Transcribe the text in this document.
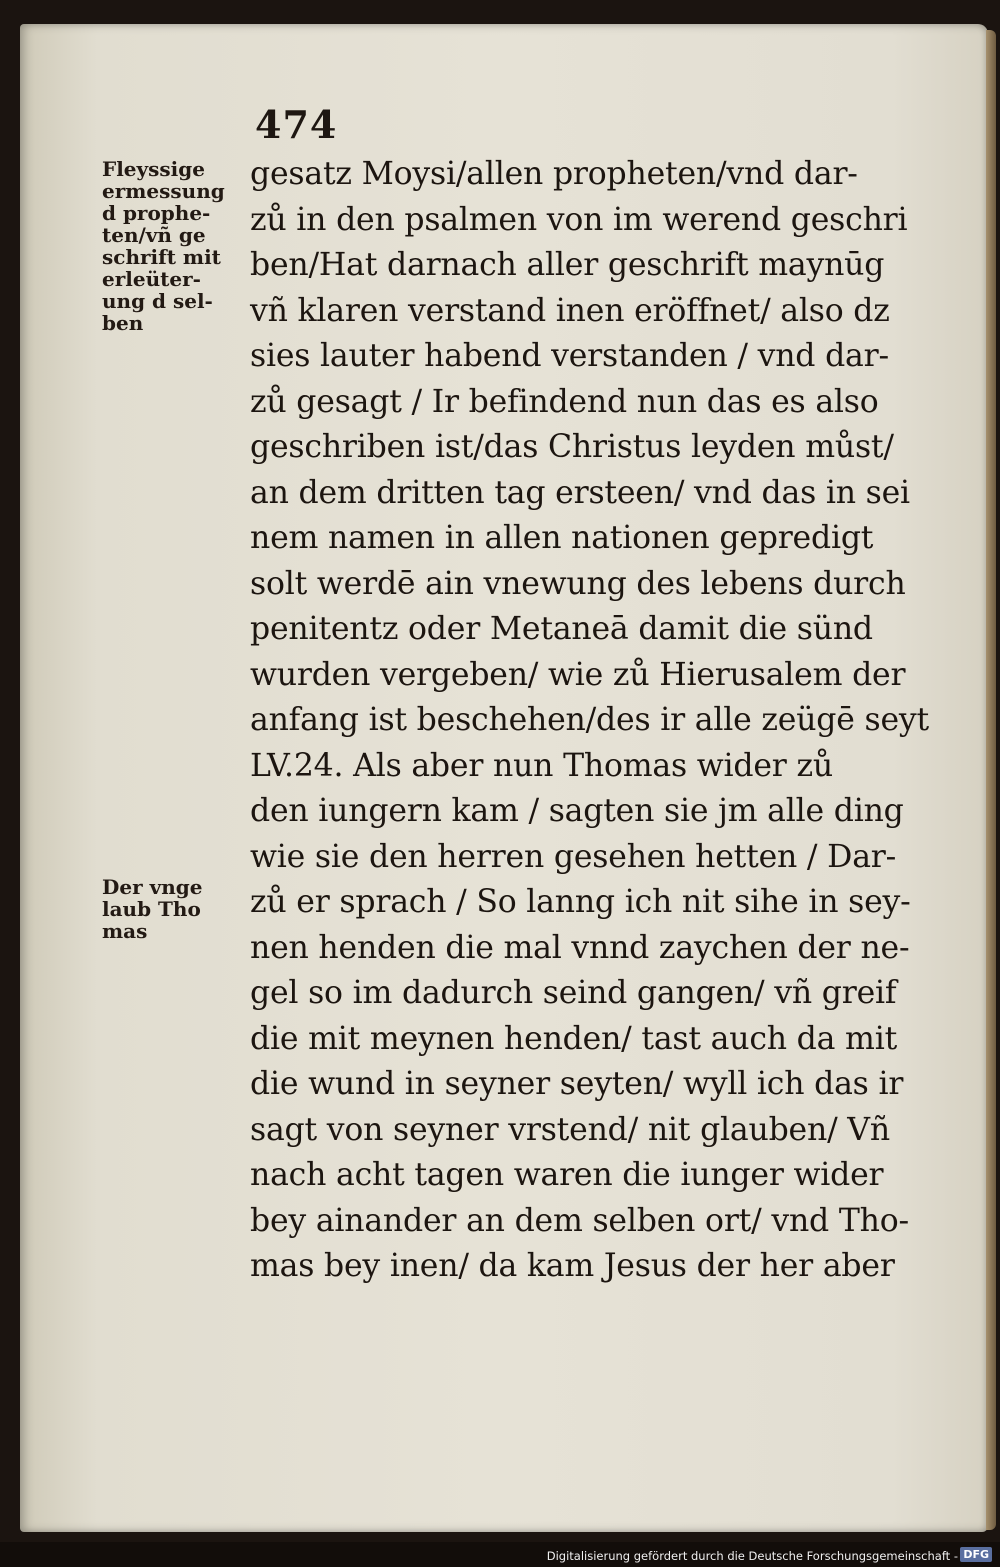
474
Fleyssige
ermessung
d prophe-
ten/vñ ge
schrift mit
erleüter-
ung d sel-
ben
Der vnge
laub Tho
mas
gesatz Moysi/allen propheten/vnd dar-
zů in den psalmen von im werend geschri
ben/Hat darnach aller geschrift maynūg
vñ klaren verstand inen eröffnet/ also dz
sies lauter habend verstanden / vnd dar-
zů gesagt / Ir befindend nun das es also
geschriben ist/das Christus leyden můst/
an dem dritten tag ersteen/ vnd das in sei
nem namen in allen nationen gepredigt
solt werdē ain vnewung des lebens durch
penitentz oder Metaneā damit die sünd
wurden vergeben/ wie zů Hierusalem der
anfang ist beschehen/des ir alle zeügē seyt
LV.24. Als aber nun Thomas wider zů
den iungern kam / sagten sie jm alle ding
wie sie den herren gesehen hetten / Dar-
zů er sprach / So lanng ich nit sihe in sey-
nen henden die mal vnnd zaychen der ne-
gel so im dadurch seind gangen/ vñ greif
die mit meynen henden/ tast auch da mit
die wund in seyner seyten/ wyll ich das ir
sagt von seyner vrstend/ nit glauben/ Vñ
nach acht tagen waren die iunger wider
bey ainander an dem selben ort/ vnd Tho-
mas bey inen/ da kam Jesus der her aber
Digitalisierung gefördert durch die Deutsche Forschungsgemeinschaft - DFG
